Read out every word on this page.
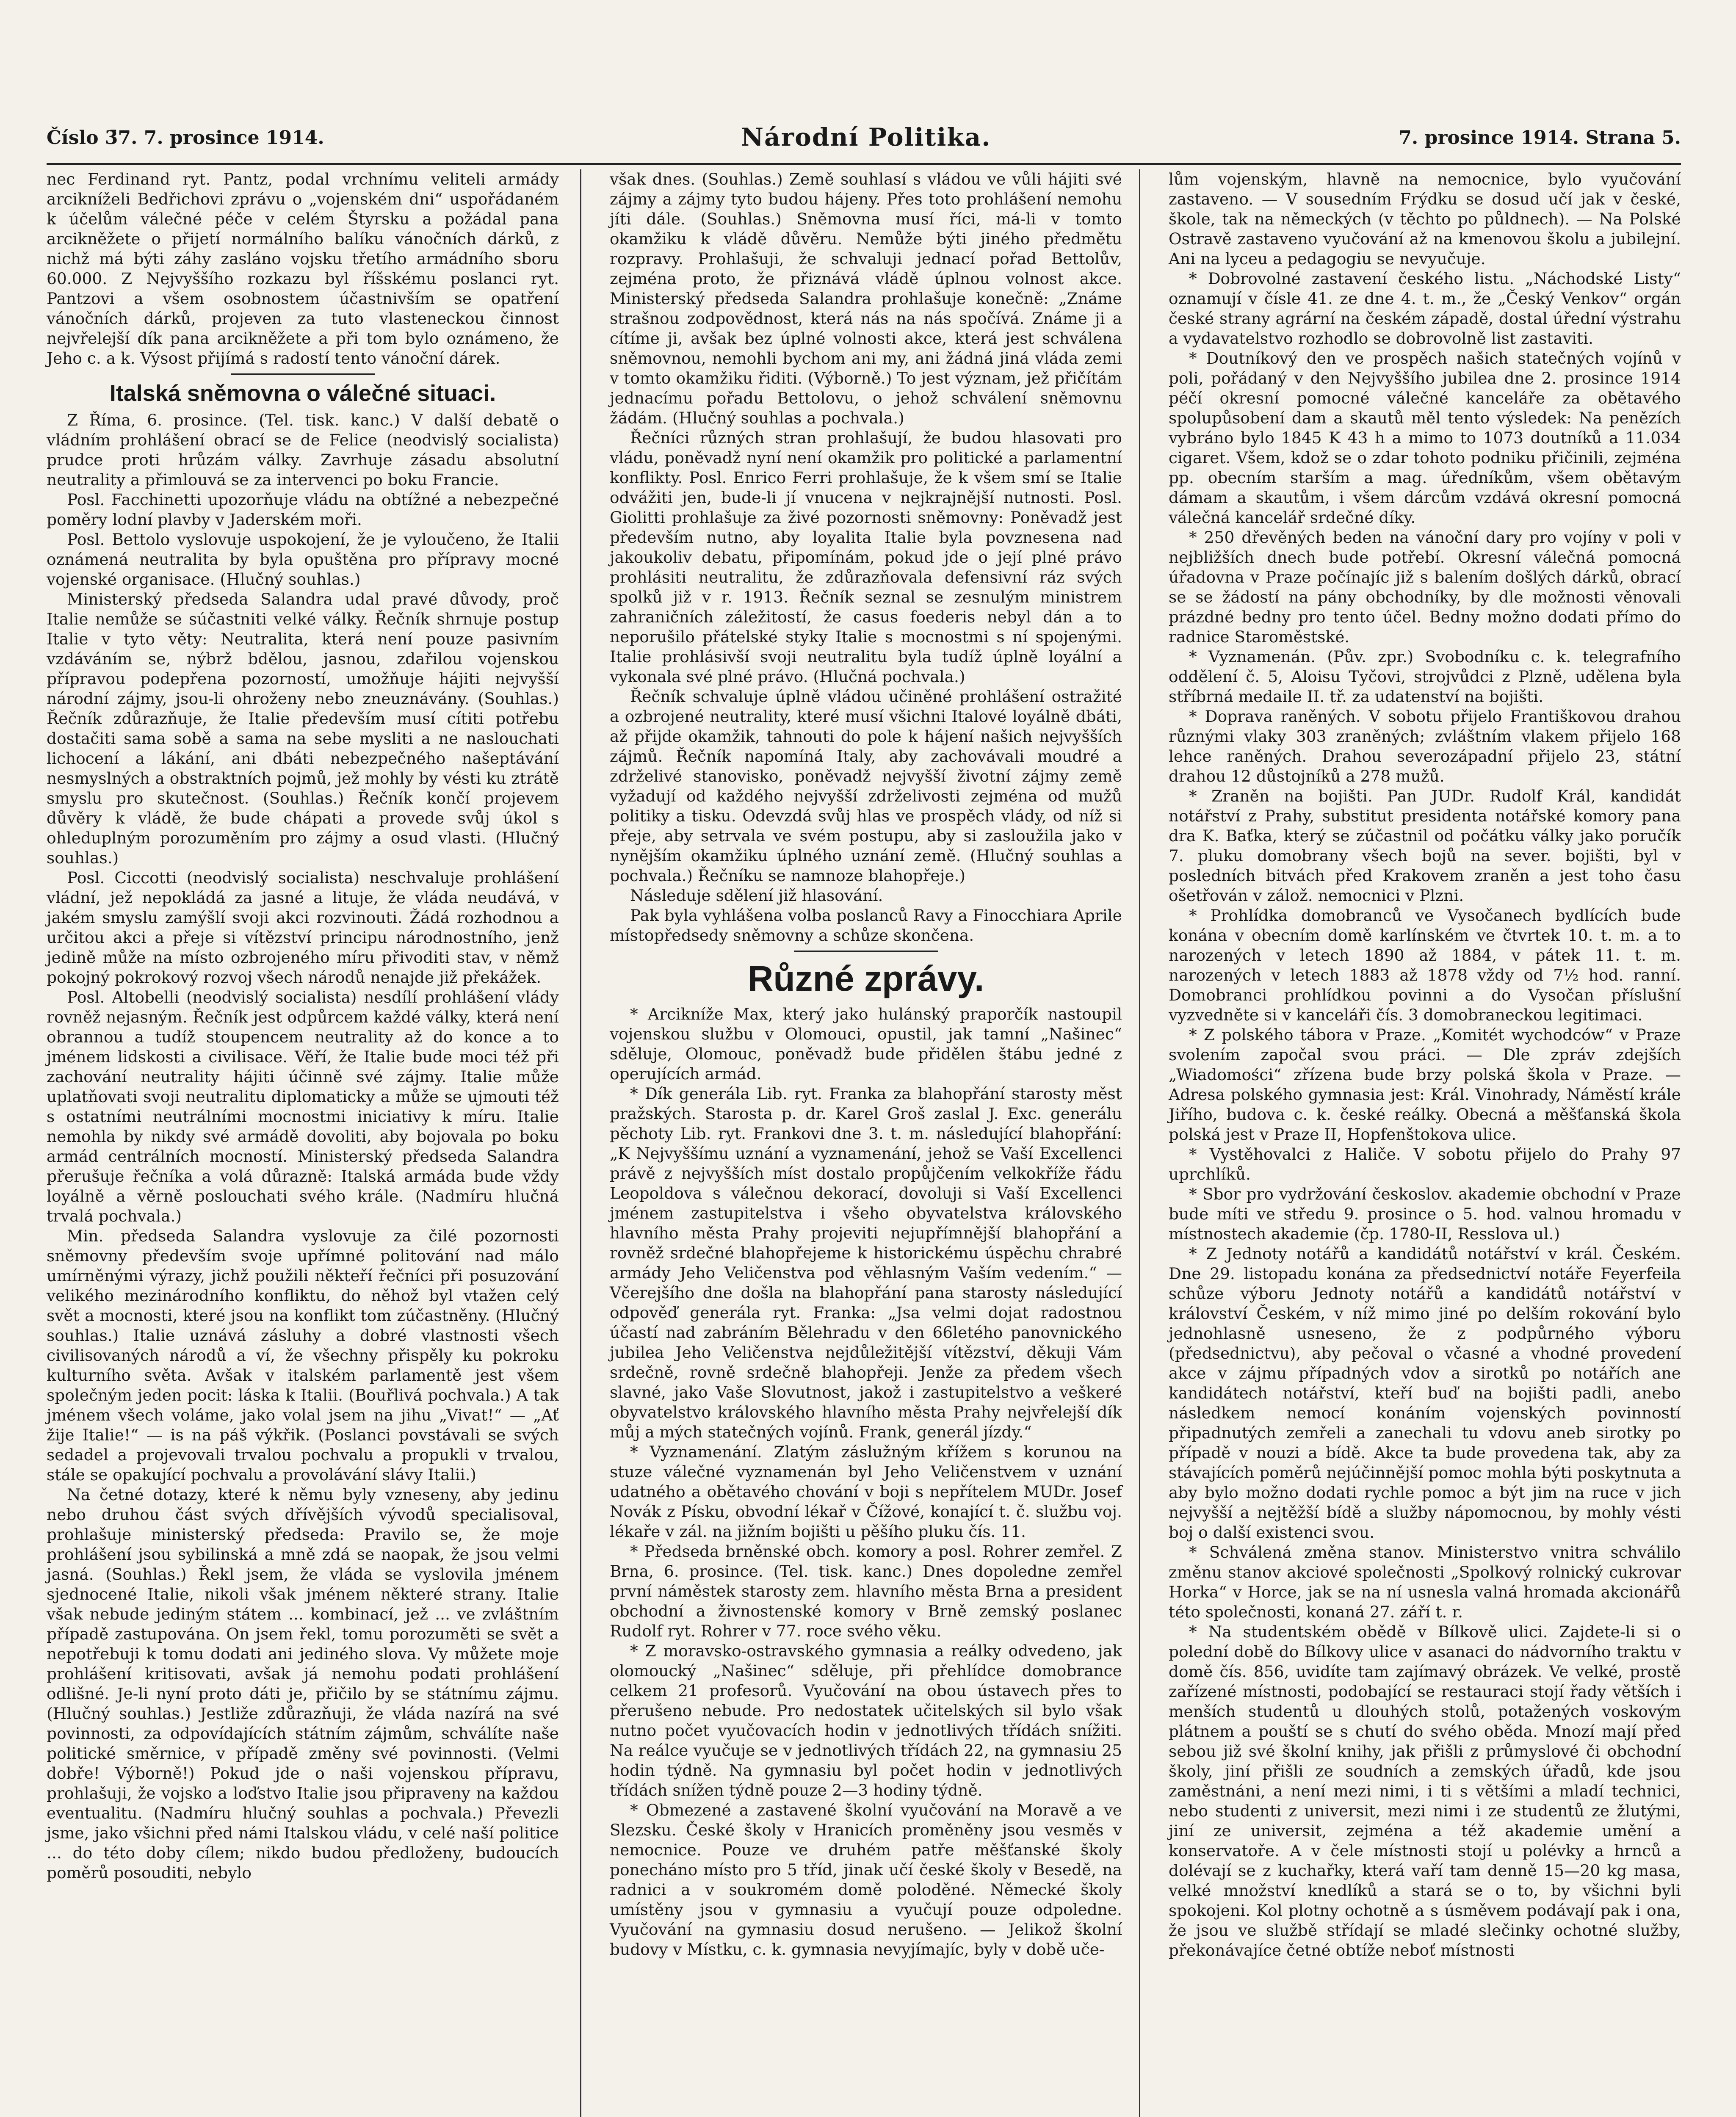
Číslo 3̄7. 7. prosince 1914.	Národní Politika.	7. prosince 1914. Strana 5.

nec Ferdinand ryt. Pantz, podal vrchnímu veliteli armády arcikníželi Bedřichovi zprávu o „vojenském dni“ uspořádaném k účelům válečné péče v celém Štyrsku a požádal pana arcikněžete o přijetí normálního balíku vánočních dárků, z nichž má býti záhy zasláno vojsku třetího armádního sboru 60.000. Z Nejvyššího rozkazu byl říšskému poslanci ryt. Pantzovi a všem osobnostem účastnivším se opatření vánočních dárků, projeven za tuto vlasteneckou činnost nejvřelejší dík pana arcikněžete a při tom bylo oznámeno, že Jeho c. a k. Výsost přijímá s radostí tento vánoční dárek.

Italská sněmovna o válečné situaci.

Z Říma, 6. prosince. (Tel. tisk. kanc.) V další debatě o vládním prohlášení obrací se de Felice (neodvislý socialista) prudce proti hrůzám války. Zavrhuje zásadu absolutní neutrality a přimlouvá se za intervenci po boku Francie.

Posl. Facchinetti upozorňuje vládu na obtížné a nebezpečné poměry lodní plavby v Jaderském moři.

Posl. Bettolo vyslovuje uspokojení, že je vyloučeno, že Italii oznámená neutralita by byla opuštěna pro přípravy mocné vojenské organisace. (Hlučný souhlas.)

Ministerský předseda Salandra udal pravé důvody, proč Italie nemůže se súčastniti velké války. Řečník shrnuje postup Italie v tyto věty: Neutralita, která není pouze pasivním vzdáváním se, nýbrž bdělou, jasnou, zdařilou vojenskou přípravou podepřena pozorností, umožňuje hájiti nejvyšší národní zájmy, jsou-li ohroženy nebo zneuznávány. (Souhlas.) Řečník zdůrazňuje, že Italie především musí cítiti potřebu dostačiti sama sobě a sama na sebe mysliti a ne naslouchati lichocení a lákání, ani dbáti nebezpečného našeptávání nesmyslných a obstraktních pojmů, jež mohly by vésti ku ztrátě smyslu pro skutečnost. (Souhlas.) Řečník končí projevem důvěry k vládě, že bude chápati a provede svůj úkol s ohleduplným porozuměním pro zájmy a osud vlasti. (Hlučný souhlas.)

Posl. Ciccotti (neodvislý socialista) neschvaluje prohlášení vládní, jež nepokládá za jasné a lituje, že vláda neudává, v jakém smyslu zamýšlí svoji akci rozvinouti. Žádá rozhodnou a určitou akci a přeje si vítězství principu národnostního, jenž jedině může na místo ozbrojeného míru přivoditi stav, v němž pokojný pokrokový rozvoj všech národů nenajde již překážek.

Posl. Altobelli (neodvislý socialista) nesdílí prohlášení vlády rovněž nejasným. Řečník jest odpůrcem každé války, která není obrannou a tudíž stoupencem neutrality až do konce a to jménem lidskosti a civilisace. Věří, že Italie bude moci též při zachování neutrality hájiti účinně své zájmy. Italie může uplatňovati svoji neutralitu diplomaticky a může se ujmouti též s ostatními neutrálními mocnostmi iniciativy k míru. Italie nemohla by nikdy své armádě dovoliti, aby bojovala po boku armád centrálních mocností. Ministerský předseda Salandra přerušuje řečníka a volá důrazně: Italská armáda bude vždy loyálně a věrně poslouchati svého krále. (Nadmíru hlučná trvalá pochvala.)

Min. předseda Salandra vyslovuje za čilé pozornosti sněmovny především svoje upřímné politování nad málo umírněnými výrazy, jichž použili někteří řečníci při posuzování velikého mezinárodního konfliktu, do něhož byl vtažen celý svět a mocnosti, které jsou na konflikt tom zúčastněny. (Hlučný souhlas.) Italie uznává zásluhy a dobré vlastnosti všech civilisovaných národů a ví, že všechny přispěly ku pokroku kulturního světa. Avšak v italském parlamentě jest všem společným jeden pocit: láska k Italii. (Bouřlivá pochvala.) A tak jménem všech voláme, jako volal jsem na jihu „Vivat!“ — „Ať žije Italie!“ — is na páš výkřik. (Poslanci povstávali se svých sedadel a projevovali trvalou pochvalu a propukli v trvalou, stále se opakující pochvalu a provolávání slávy Italii.)

Na četné dotazy, které k němu byly vzneseny, aby jedinu nebo druhou část svých dřívějších vývodů specialisoval, prohlašuje ministerský předseda: Pravilo se, že moje prohlášení jsou sybilinská a mně zdá se naopak, že jsou velmi jasná. (Souhlas.) Řekl jsem, že vláda se vyslovila jménem sjednocené Italie, nikoli však jménem některé strany. Italie však nebude jediným státem ... kombinací, jež ... ve zvláštním případě zastupována. On jsem řekl, tomu porozuměti se svět a nepotřebuji k tomu dodati ani jediného slova. Vy můžete moje prohlášení kritisovati, avšak já nemohu podati prohlášení odlišné. Je-li nyní proto dáti je, přičilo by se státnímu zájmu. (Hlučný souhlas.) Jestliže zdůrazňuji, že vláda nazírá na své povinnosti, za odpovídajících státním zájmům, schválíte naše politické směrnice, v případě změny své povinnosti. (Velmi dobře! Výborně!) Pokud jde o naši vojenskou přípravu, prohlašuji, že vojsko a loďstvo Italie jsou připraveny na každou eventualitu. (Nadmíru hlučný souhlas a pochvala.) Převezli jsme, jako všichni před námi Italskou vládu, v celé naší politice ... do této doby cílem; nikdo budou předloženy, budoucích poměrů posouditi, nebylo

však dnes. (Souhlas.) Země souhlasí s vládou ve vůli hájiti své zájmy a zájmy tyto budou hájeny. Přes toto prohlášení nemohu jíti dále. (Souhlas.) Sněmovna musí říci, má-li v tomto okamžiku k vládě důvěru. Nemůže býti jiného předmětu rozpravy. Prohlašuji, že schvaluji jednací pořad Bettolův, zejména proto, že přiznává vládě úplnou volnost akce. Ministerský předseda Salandra prohlašuje konečně: „Známe strašnou zodpovědnost, která nás na nás spočívá. Známe ji a cítíme ji, avšak bez úplné volnosti akce, která jest schválena sněmovnou, nemohli bychom ani my, ani žádná jiná vláda zemi v tomto okamžiku řiditi. (Výborně.) To jest význam, jež přičítám jednacímu pořadu Bettolovu, o jehož schválení sněmovnu žádám. (Hlučný souhlas a pochvala.)

Řečníci různých stran prohlašují, že budou hlasovati pro vládu, poněvadž nyní není okamžik pro politické a parlamentní konflikty. Posl. Enrico Ferri prohlašuje, že k všem smí se Italie odvážiti jen, bude-li jí vnucena v nejkrajnější nutnosti. Posl. Giolitti prohlašuje za živé pozornosti sněmovny: Poněvadž jest především nutno, aby loyalita Italie byla povznesena nad jakoukoliv debatu, připomínám, pokud jde o její plné právo prohlásiti neutralitu, že zdůrazňovala defensivní ráz svých spolků již v r. 1913. Řečník seznal se zesnulým ministrem zahraničních záležitostí, že casus foederis nebyl dán a to neporušilo přátelské styky Italie s mocnostmi s ní spojenými. Italie prohlásivší svoji neutralitu byla tudíž úplně loyální a vykonala své plné právo. (Hlučná pochvala.)

Řečník schvaluje úplně vládou učiněné prohlášení ostražité a ozbrojené neutrality, které musí všichni Italové loyálně dbáti, až přijde okamžik, tahnouti do pole k hájení našich nejvyšších zájmů. Řečník napomíná Italy, aby zachovávali moudré a zdrželivé stanovisko, poněvadž nejvyšší životní zájmy země vyžadují od každého nejvyšší zdrželivosti zejména od mužů politiky a tisku. Odevzdá svůj hlas ve prospěch vlády, od níž si přeje, aby setrvala ve svém postupu, aby si zasloužila jako v nynějším okamžiku úplného uznání země. (Hlučný souhlas a pochvala.) Řečníku se namnoze blahopřeje.)

Následuje sdělení již hlasování.

Pak byla vyhlášena volba poslanců Ravy a Finocchiara Aprile místopředsedy sněmovny a schůze skončena.

Různé zprávy.

* Arcikníže Max, který jako hulánský praporčík nastoupil vojenskou službu v Olomouci, opustil, jak tamní „Našinec“ sděluje, Olomouc, poněvadž bude přidělen štábu jedné z operujících armád.

* Dík generála Lib. ryt. Franka za blahopřání starosty měst pražských. Starosta p. dr. Karel Groš zaslal J. Exc. generálu pěchoty Lib. ryt. Frankovi dne 3. t. m. následující blahopřání: „K Nejvyššímu uznání a vyznamenání, jehož se Vaší Excellenci právě z nejvyšších míst dostalo propůjčením velkokříže řádu Leopoldova s válečnou dekorací, dovoluji si Vaší Excellenci jménem zastupitelstva i všeho obyvatelstva královského hlavního města Prahy projeviti nejupřímnější blahopřání a rovněž srdečné blahopřejeme k historickému úspěchu chrabré armády Jeho Veličenstva pod věhlasným Vaším vedením.“ — Včerejšího dne došla na blahopřání pana starosty následující odpověď generála ryt. Franka: „Jsa velmi dojat radostnou účastí nad zabráním Bělehradu v den 66letého panovnického jubilea Jeho Veličenstva nejdůležitější vítězství, děkuji Vám srdečně, rovně srdečně blahopřeji. Jenže za předem všech slavné, jako Vaše Slovutnost, jakož i zastupitelstvo a veškeré obyvatelstvo královského hlavního města Prahy nejvřelejší dík můj a mých statečných vojínů. Frank, generál jízdy.“

* Vyznamenání. Zlatým záslužným křížem s korunou na stuze válečné vyznamenán byl Jeho Veličenstvem v uznání udatného a obětavého chování v boji s nepřítelem MUDr. Josef Novák z Písku, obvodní lékař v Čížové, konající t. č. službu voj. lékaře v zál. na jižním bojišti u pěšího pluku čís. 11.

* Předseda brněnské obch. komory a posl. Rohrer zemřel. Z Brna, 6. prosince. (Tel. tisk. kanc.) Dnes dopoledne zemřel první náměstek starosty zem. hlavního města Brna a president obchodní a živnostenské komory v Brně zemský poslanec Rudolf ryt. Rohrer v 77. roce svého věku.

* Z moravsko-ostravského gymnasia a reálky odvedeno, jak olomoucký „Našinec“ sděluje, při přehlídce domobrance celkem 21 profesorů. Vyučování na obou ústavech přes to přerušeno nebude. Pro nedostatek učitelských sil bylo však nutno počet vyučovacích hodin v jednotlivých třídách snížiti. Na reálce vyučuje se v jednotlivých třídách 22, na gymnasiu 25 hodin týdně. Na gymnasiu byl počet hodin v jednotlivých třídách snížen týdně pouze 2—3 hodiny týdně.

* Obmezené a zastavené školní vyučování na Moravě a ve Slezsku. České školy v Hranicích proměněny jsou vesměs v nemocnice. Pouze ve druhém patře měšťanské školy ponecháno místo pro 5 tříd, jinak učí české školy v Besedě, na radnici a v soukromém domě poloděné. Německé školy umístěny jsou v gymnasiu a vyučují pouze odpoledne. Vyučování na gymnasiu dosud nerušeno. — Jelikož školní budovy v Místku, c. k. gymnasia nevyjímajíc, byly v době uče-

lům vojenským, hlavně na nemocnice, bylo vyučování zastaveno. — V sousedním Frýdku se dosud učí jak v české, škole, tak na německých (v těchto po půldnech). — Na Polské Ostravě zastaveno vyučování až na kmenovou školu a jubilejní. Ani na lyceu a pedagogiu se nevyučuje.

* Dobrovolné zastavení českého listu. „Náchodské Listy“ oznamují v čísle 41. ze dne 4. t. m., že „Český Venkov“ orgán české strany agrární na českém západě, dostal úřední výstrahu a vydavatelstvo rozhodlo se dobrovolně list zastaviti.

* Doutníkový den ve prospěch našich statečných vojínů v poli, pořádaný v den Nejvyššího jubilea dne 2. prosince 1914 péčí okresní pomocné válečné kanceláře za obětavého spolupůsobení dam a skautů měl tento výsledek: Na penězích vybráno bylo 1845 K 43 h a mimo to 1073 doutníků a 11.034 cigaret. Všem, kdož se o zdar tohoto podniku přičinili, zejména pp. obecním starším a mag. úředníkům, všem obětavým dámam a skautům, i všem dárcům vzdává okresní pomocná válečná kancelář srdečné díky.

* 250 dřevěných beden na vánoční dary pro vojíny v poli v nejbližších dnech bude potřebí. Okresní válečná pomocná úřadovna v Praze počínajíc již s balením došlých dárků, obrací se se žádostí na pány obchodníky, by dle možnosti věnovali prázdné bedny pro tento účel. Bedny možno dodati přímo do radnice Staroměstské.

* Vyznamenán. (Pův. zpr.) Svobodníku c. k. telegrafního oddělení č. 5, Aloisu Tyčovi, strojvůdci z Plzně, udělena byla stříbrná medaile II. tř. za udatenství na bojišti.

* Doprava raněných. V sobotu přijelo Františkovou drahou různými vlaky 303 zraněných; zvláštním vlakem přijelo 168 lehce raněných. Drahou severozápadní přijelo 23, státní drahou 12 důstojníků a 278 mužů.

* Zraněn na bojišti. Pan JUDr. Rudolf Král, kandidát notářství z Prahy, substitut presidenta notářské komory pana dra K. Baťka, který se zúčastnil od počátku války jako poručík 7. pluku domobrany všech bojů na sever. bojišti, byl v posledních bitvách před Krakovem zraněn a jest toho času ošetřován v zálož. nemocnici v Plzni.

* Prohlídka domobranců ve Vysočanech bydlících bude konána v obecním domě karlínském ve čtvrtek 10. t. m. a to narozených v letech 1890 až 1884, v pátek 11. t. m. narozených v letech 1883 až 1878 vždy od 7½ hod. ranní. Domobranci prohlídkou povinni a do Vysočan příslušní vyzvedněte si v kanceláři čís. 3 domobraneckou legitimaci.

* Z polského tábora v Praze. „Komitét wychodców“ v Praze svolením započal svou práci. — Dle zpráv zdejších „Wiadomości“ zřízena bude brzy polská škola v Praze. — Adresa polského gymnasia jest: Král. Vinohrady, Náměstí krále Jiřího, budova c. k. české reálky. Obecná a měšťanská škola polská jest v Praze II, Hopfenštokova ulice.

* Vystěhovalci z Haliče. V sobotu přijelo do Prahy 97 uprchlíků.

* Sbor pro vydržování českoslov. akademie obchodní v Praze bude míti ve středu 9. prosince o 5. hod. valnou hromadu v místnostech akademie (čp. 1780-II, Resslova ul.)

* Z Jednoty notářů a kandidátů notářství v král. Českém. Dne 29. listopadu konána za předsednictví notáře Feyerfeila schůze výboru Jednoty notářů a kandidátů notářství v království Českém, v níž mimo jiné po delším rokování bylo jednohlasně usneseno, že z podpůrného výboru (předsednictvu), aby pečoval o včasné a vhodné provedení akce v zájmu případných vdov a sirotků po notářích ane kandidátech notářství, kteří buď na bojišti padli, anebo následkem nemocí konáním vojenských povinností připadnutých zemřeli a zanechali tu vdovu aneb sirotky po případě v nouzi a bídě. Akce ta bude provedena tak, aby za stávajících poměrů nejúčinnější pomoc mohla býti poskytnuta a aby bylo možno dodati rychle pomoc a být jim na ruce v jich nejvyšší a nejtěžší bídě a služby nápomocnou, by mohly vésti boj o další existenci svou.

* Schválená změna stanov. Ministerstvo vnitra schválilo změnu stanov akciové společnosti „Spolkový rolnický cukrovar Horka“ v Horce, jak se na ní usnesla valná hromada akcionářů této společnosti, konaná 27. září t. r.

* Na studentském obědě v Bílkově ulici. Zajdete-li si o polední době do Bílkovy ulice v asanaci do nádvorního traktu v domě čís. 856, uvidíte tam zajímavý obrázek. Ve velké, prostě zařízené místnosti, podobající se restauraci stojí řady větších i menších studentů u dlouhých stolů, potažených voskovým plátnem a pouští se s chutí do svého oběda. Mnozí mají před sebou již své školní knihy, jak přišli z průmyslové či obchodní školy, jiní přišli ze soudních a zemských úřadů, kde jsou zaměstnáni, a není mezi nimi, i ti s většími a mladí technici, nebo studenti z universit, mezi nimi i ze studentů ze žlutými, jiní ze universit, zejména a též akademie umění a konservatoře. A v čele místnosti stojí u polévky a hrnců a dolévají se z kuchařky, která vaří tam denně 15—20 kg masa, velké množství knedlíků a stará se o to, by všichni byli spokojeni. Kol plotny ochotně a s úsměvem podávají pak i ona, že jsou ve službě střídají se mladé slečinky ochotné služby, překonávajíce četné obtíže neboť místnosti
